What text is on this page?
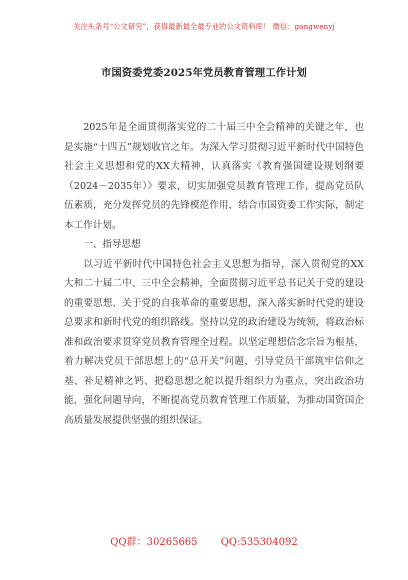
关注头条号“公文研究”，获得最新最全最专业的公文资料库！ 微信：gongwenyj
市国资委党委2025年党员教育管理工作计划

2025年是全面贯彻落实党的二十届三中全会精神的关键之年，也是实施“十四五”规划收官之年。为深入学习贯彻习近平新时代中国特色社会主义思想和党的XX大精神，认真落实《教育强国建设规划纲要（2024－2035年）》要求，切实加强党员教育管理工作，提高党员队伍素质，充分发挥党员的先锋模范作用，结合市国资委工作实际，制定本工作计划。

一、指导思想

以习近平新时代中国特色社会主义思想为指导，深入贯彻党的XX大和二十届二中、三中全会精神，全面贯彻习近平总书记关于党的建设的重要思想、关于党的自我革命的重要思想，深入落实新时代党的建设总要求和新时代党的组织路线。坚持以党的政治建设为统领，将政治标准和政治要求贯穿党员教育管理全过程。以坚定理想信念宗旨为根基，着力解决党员干部思想上的“总开关”问题，引导党员干部筑牢信仰之基、补足精神之钙、把稳思想之舵以提升组织力为重点，突出政治功能，强化问题导向，不断提高党员教育管理工作质量，为推动国资国企高质量发展提供坚强的组织保证。

QQ群：30265665 QQ:535304092
